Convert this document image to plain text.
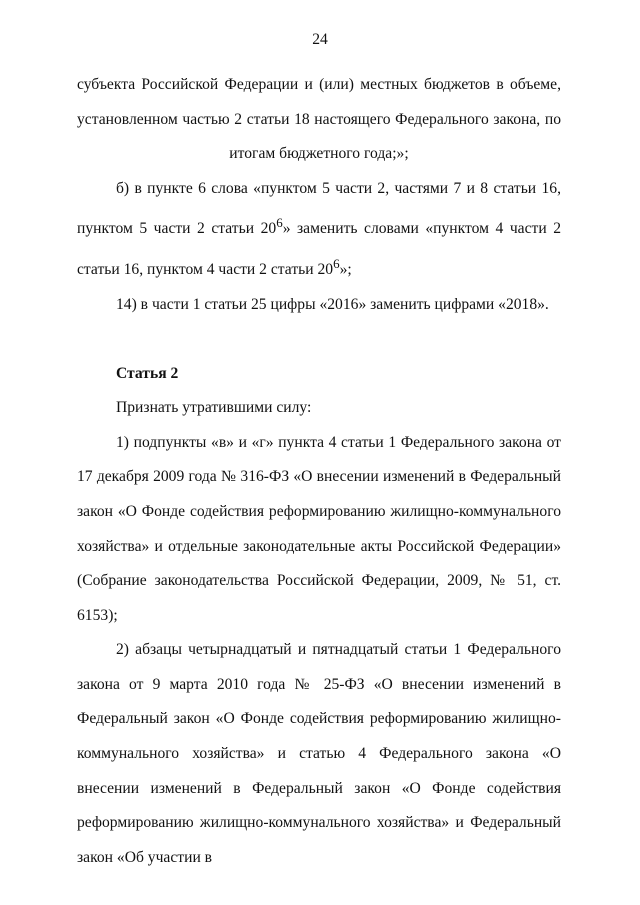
24

субъекта Российской Федерации и (или) местных бюджетов в объеме, установленном частью 2 статьи 18 настоящего Федерального закона, по итогам бюджетного года;»;

б) в пункте 6 слова «пунктом 5 части 2, частями 7 и 8 статьи 16, пунктом 5 части 2 статьи $20^6$» заменить словами «пунктом 4 части 2 статьи 16, пунктом 4 части 2 статьи $20^6$»;

14) в части 1 статьи 25 цифры «2016» заменить цифрами «2018».

Статья 2

Признать утратившими силу:

1) подпункты «в» и «г» пункта 4 статьи 1 Федерального закона от 17 декабря 2009 года № 316-ФЗ «О внесении изменений в Федеральный закон «О Фонде содействия реформированию жилищно-коммунального хозяйства» и отдельные законодательные акты Российской Федерации» (Собрание законодательства Российской Федерации, 2009, № 51, ст. 6153);

2) абзацы четырнадцатый и пятнадцатый статьи 1 Федерального закона от 9 марта 2010 года № 25-ФЗ «О внесении изменений в Федеральный закон «О Фонде содействия реформированию жилищно-коммунального хозяйства» и статью 4 Федерального закона «О внесении изменений в Федеральный закон «О Фонде содействия реформированию жилищно-коммунального хозяйства» и Федеральный закон «Об участии в
